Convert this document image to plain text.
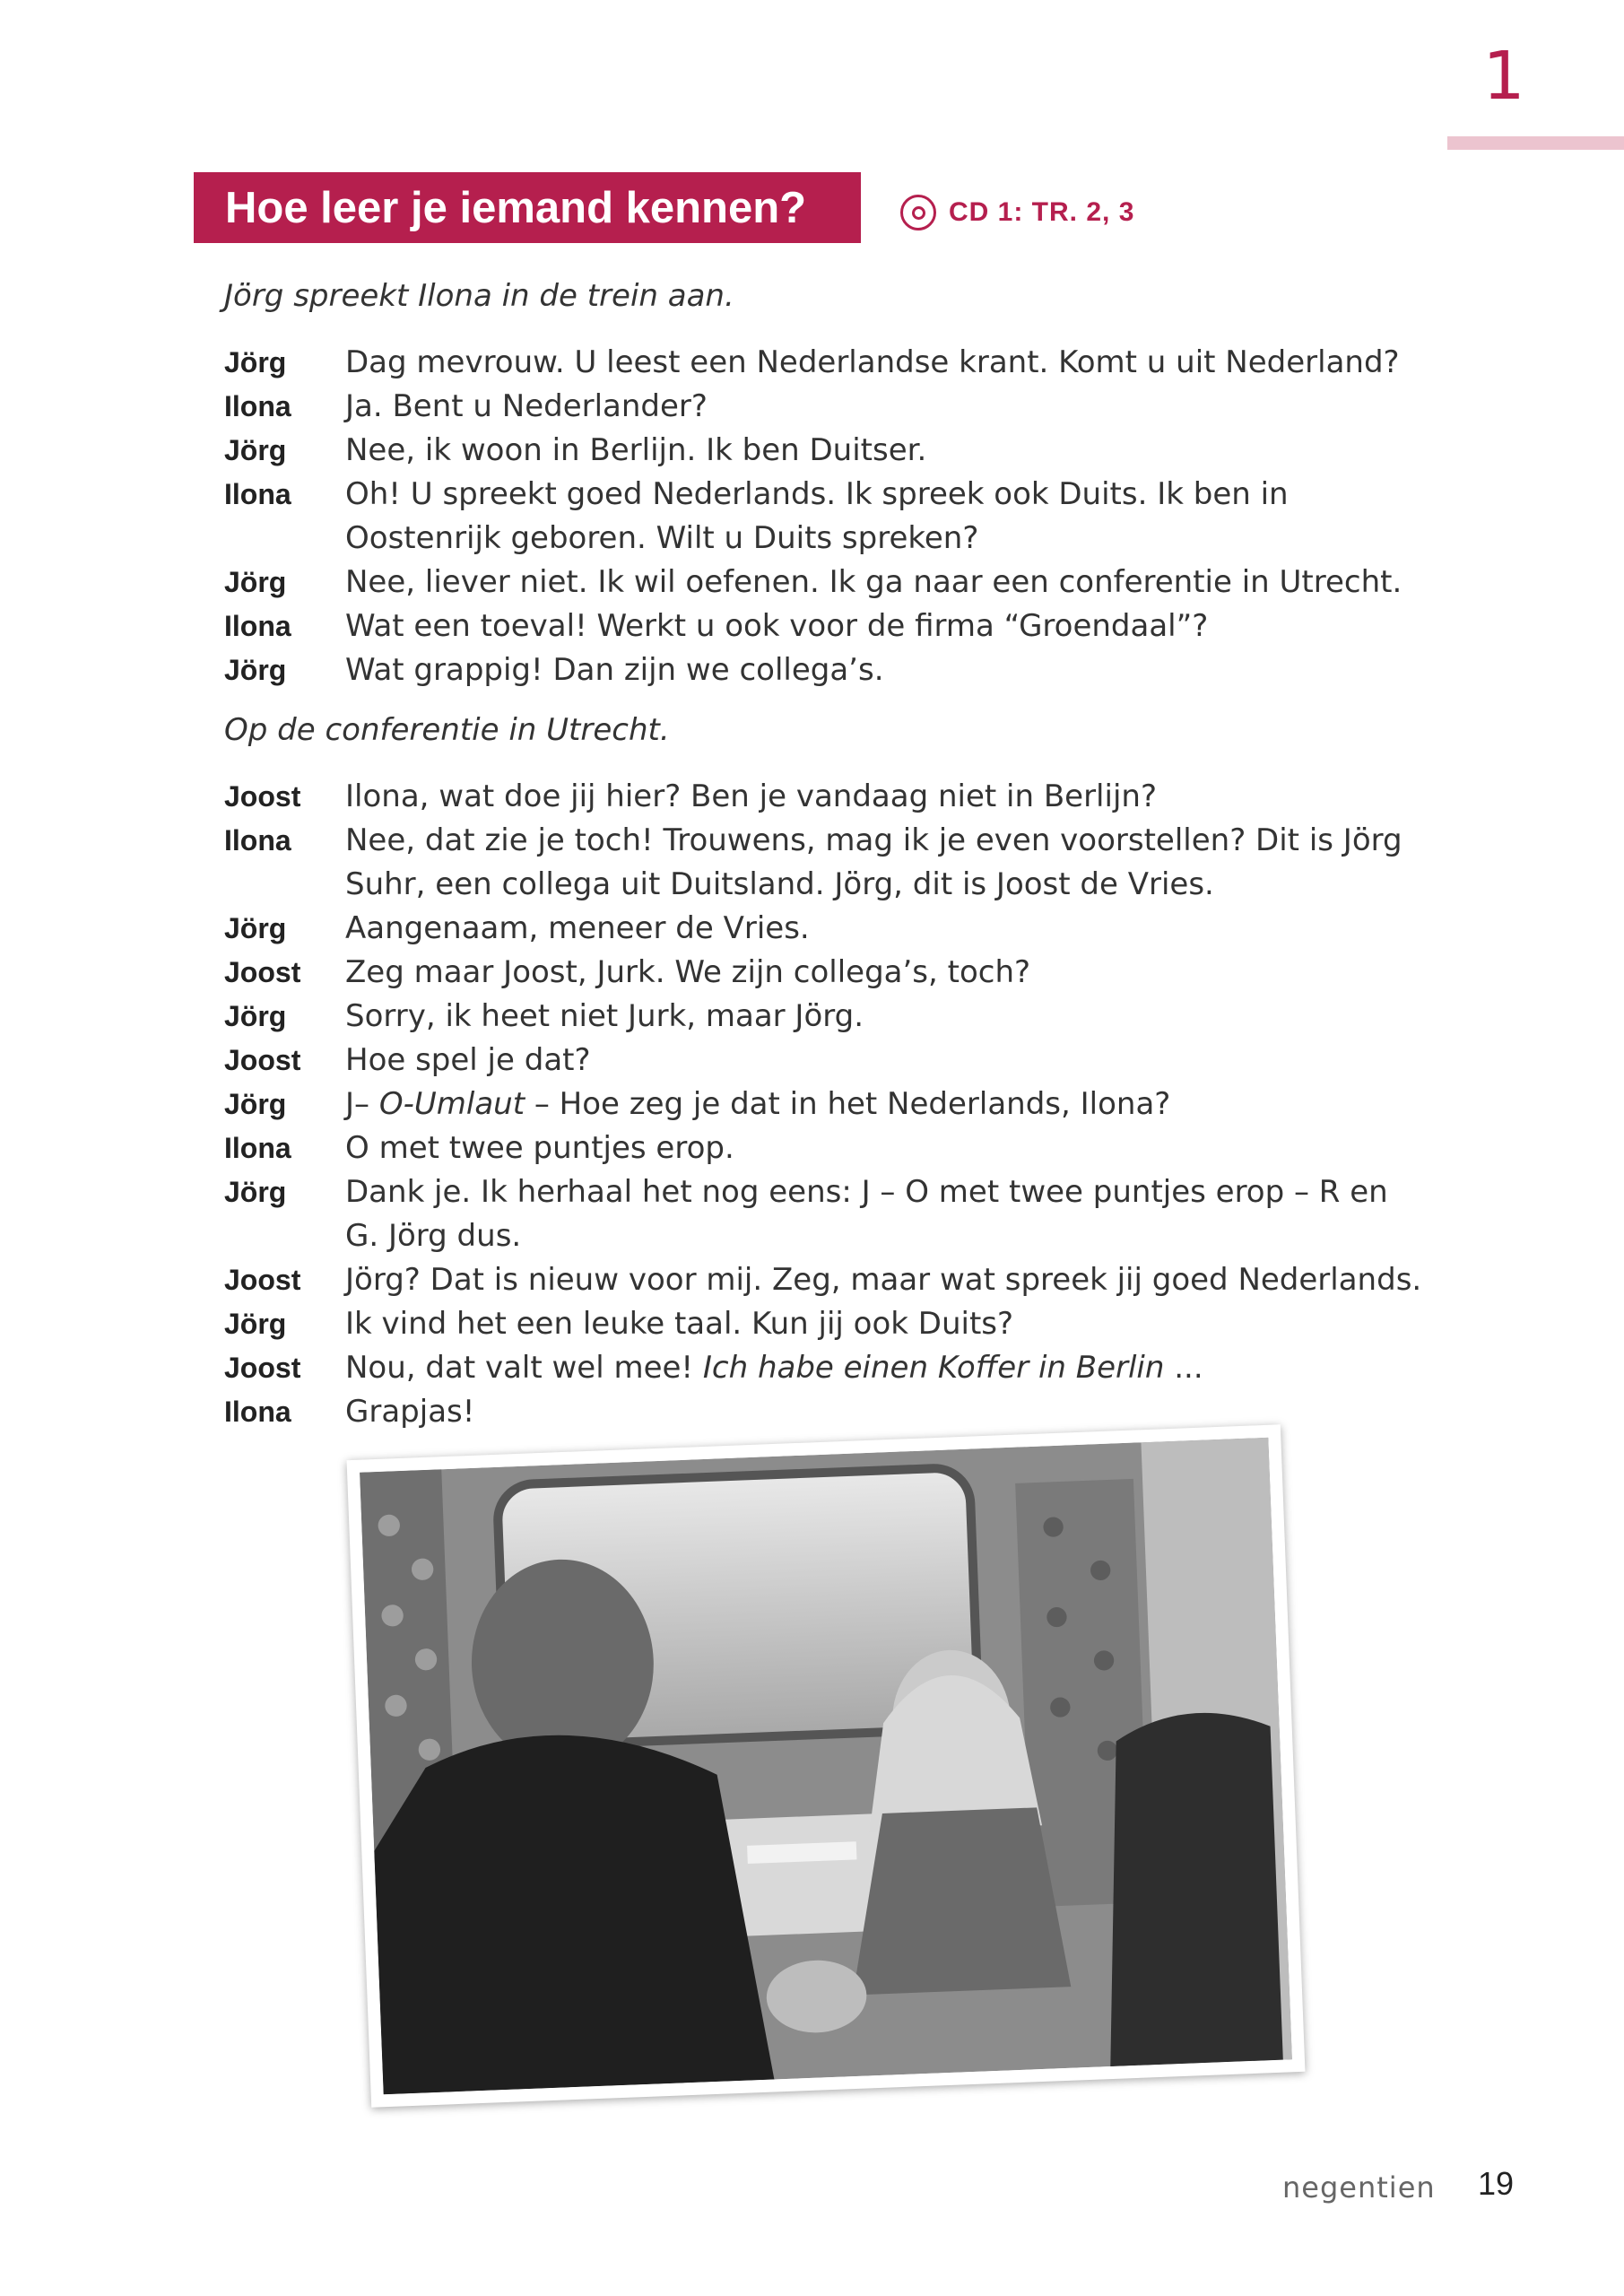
1
Hoe leer je iemand kennen?	CD 1: TR. 2, 3
Jörg spreekt Ilona in de trein aan.
Jörg	Dag mevrouw. U leest een Nederlandse krant. Komt u uit Nederland?
Ilona	Ja. Bent u Nederlander?
Jörg	Nee, ik woon in Berlijn. Ik ben Duitser.
Ilona	Oh! U spreekt goed Nederlands. Ik spreek ook Duits. Ik ben in Oostenrijk geboren. Wilt u Duits spreken?
Jörg	Nee, liever niet. Ik wil oefenen. Ik ga naar een conferentie in Utrecht.
Ilona	Wat een toeval! Werkt u ook voor de firma “Groendaal”?
Jörg	Wat grappig! Dan zijn we collega’s.
Op de conferentie in Utrecht.
Joost	Ilona, wat doe jij hier? Ben je vandaag niet in Berlijn?
Ilona	Nee, dat zie je toch! Trouwens, mag ik je even voorstellen? Dit is Jörg Suhr, een collega uit Duitsland. Jörg, dit is Joost de Vries.
Jörg	Aangenaam, meneer de Vries.
Joost	Zeg maar Joost, Jurk. We zijn collega’s, toch?
Jörg	Sorry, ik heet niet Jurk, maar Jörg.
Joost	Hoe spel je dat?
Jörg	J– O-Umlaut – Hoe zeg je dat in het Nederlands, Ilona?
Ilona	O met twee puntjes erop.
Jörg	Dank je. Ik herhaal het nog eens: J – O met twee puntjes erop – R en G. Jörg dus.
Joost	Jörg? Dat is nieuw voor mij. Zeg, maar wat spreek jij goed Nederlands.
Jörg	Ik vind het een leuke taal. Kun jij ook Duits?
Joost	Nou, dat valt wel mee! Ich habe einen Koffer in Berlin ...
Ilona	Grapjas!
negentien 19
